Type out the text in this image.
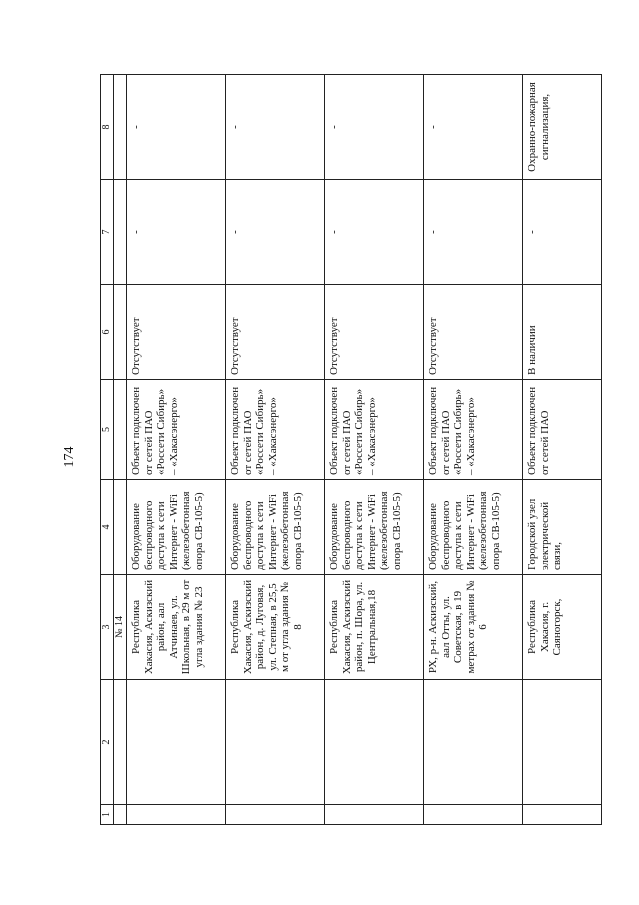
174
1	2	3	4	5	6	7	8
		№ 14					
		Республика Хакасия, Аскизский район, аал Атчинаев, ул. Школьная, в 29 м от угла здания № 23	Оборудование беспроводного доступа к сети Интернет - WiFi (железобетонная опора СВ-105-5)	Объект подключен от сетей ПАО «Россети Сибирь» – «Хакасэнерго»	Отсутствует	-	-
		Республика Хакасия, Аскизский район, д. Луговая, ул. Степная, в 25,5 м от угла здания № 8	Оборудование беспроводного доступа к сети Интернет - WiFi (железобетонная опора СВ-105-5)	Объект подключен от сетей ПАО «Россети Сибирь» – «Хакасэнерго»	Отсутствует	-	-
		Республика Хакасия, Аскизский район, п. Шора, ул. Центральная,18	Оборудование беспроводного доступа к сети Интернет - WiFi (железобетонная опора СВ-105-5)	Объект подключен от сетей ПАО «Россети Сибирь» – «Хакасэнерго»	Отсутствует	-	-
		РХ, р-н. Аскизский, аал Отты, ул. Советская, в 19 метрах от здания № 6	Оборудование беспроводного доступа к сети Интернет - WiFi (железобетонная опора СВ-105-5)	Объект подключен от сетей ПАО «Россети Сибирь» – «Хакасэнерго»	Отсутствует	-	-
		Республика Хакасия, г. Саяногорск,	Городской узел электрической связи,	Объект подключен от сетей ПАО	В наличии	-	Охранно-пожарная сигнализация,
